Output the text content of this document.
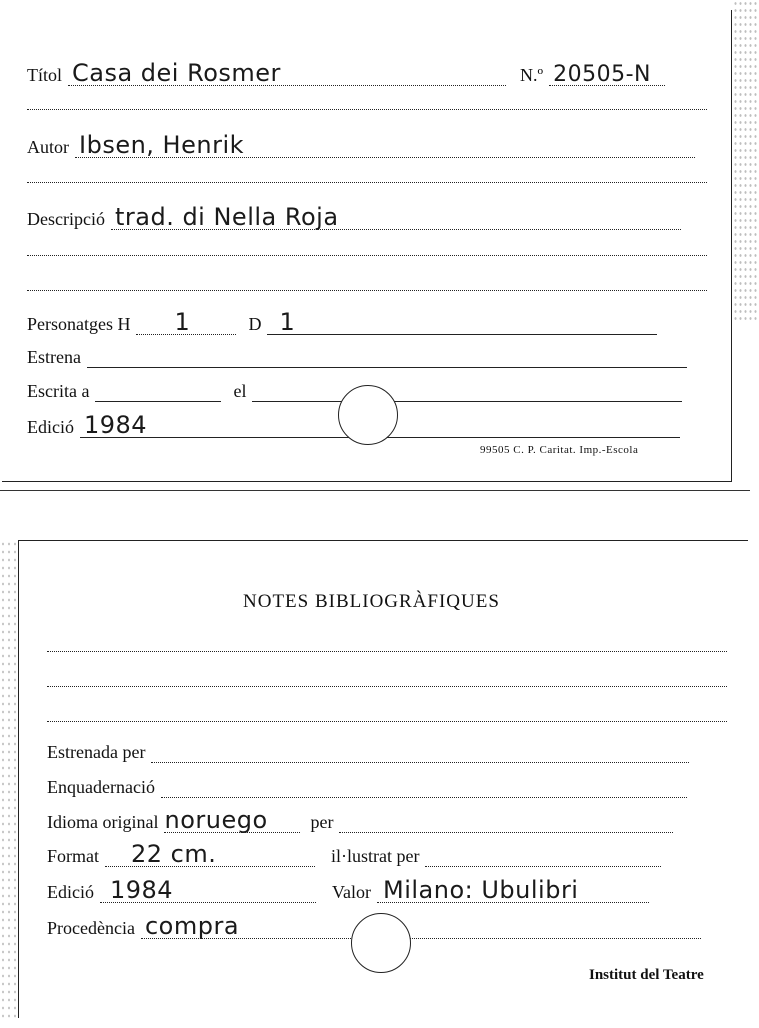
Títol Casa dei Rosmer	N.º 20505-N
Autor Ibsen, Henrik
Descripció trad. di Nella Roja
Personatges H 1	D 1
Estrena
Escrita a	el
Edició 1984
99505 C. P. Caritat. Imp.-Escola
NOTES BIBLIOGRÀFIQUES
Estrenada per
Enquadernació
Idioma original noruego per
Format 22 cm.	il·lustrat per
Edició 1984	Valor Milano: Ubulibri
Procedència compra
Institut del Teatre
